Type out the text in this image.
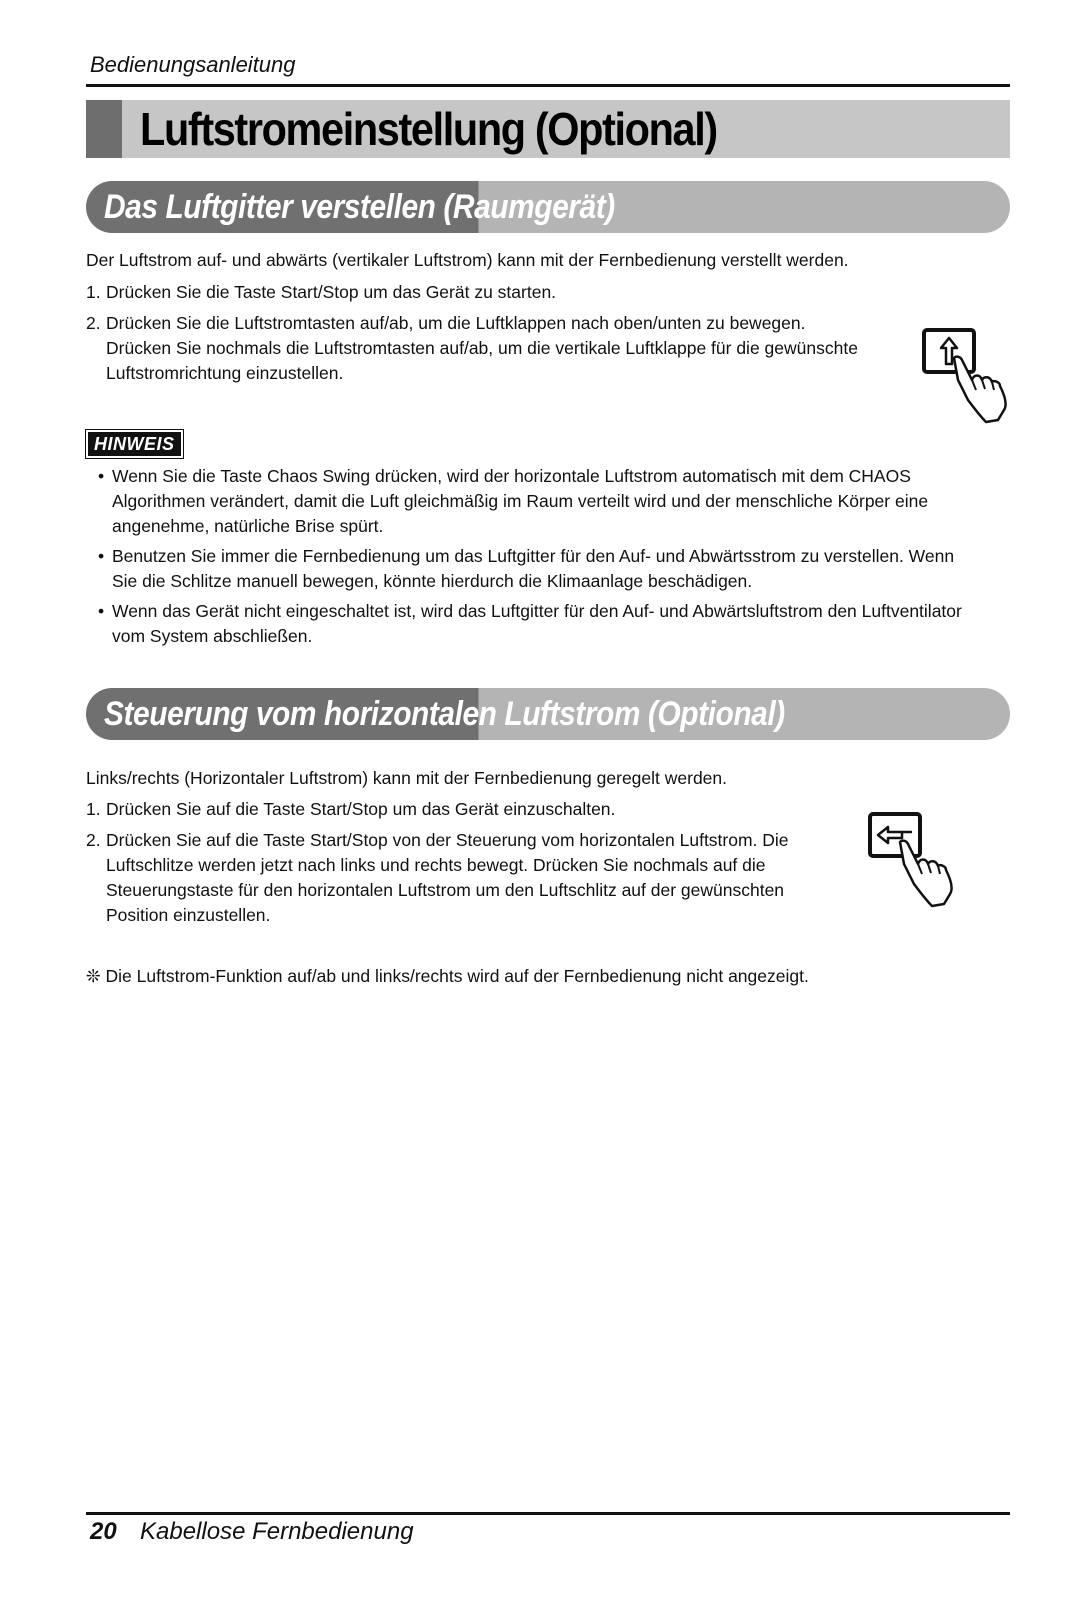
Bedienungsanleitung
Luftstromeinstellung (Optional)
Das Luftgitter verstellen (Raumgerät)

Der Luftstrom auf- und abwärts (vertikaler Luftstrom) kann mit der Fernbedienung verstellt werden.

1. Drücken Sie die Taste Start/Stop um das Gerät zu starten.
2. Drücken Sie die Luftstromtasten auf/ab, um die Luftklappen nach oben/unten zu bewegen.
Drücken Sie nochmals die Luftstromtasten auf/ab, um die vertikale Luftklappe für die gewünschte
Luftstromrichtung einzustellen.
HINWEIS
• Wenn Sie die Taste Chaos Swing drücken, wird der horizontale Luftstrom automatisch mit dem CHAOS
Algorithmen verändert, damit die Luft gleichmäßig im Raum verteilt wird und der menschliche Körper eine
angenehme, natürliche Brise spürt.
• Benutzen Sie immer die Fernbedienung um das Luftgitter für den Auf- und Abwärtsstrom zu verstellen. Wenn
Sie die Schlitze manuell bewegen, könnte hierdurch die Klimaanlage beschädigen.
• Wenn das Gerät nicht eingeschaltet ist, wird das Luftgitter für den Auf- und Abwärtsluftstrom den Luftventilator
vom System abschließen.
Steuerung vom horizontalen Luftstrom (Optional)

Links/rechts (Horizontaler Luftstrom) kann mit der Fernbedienung geregelt werden.

1. Drücken Sie auf die Taste Start/Stop um das Gerät einzuschalten.
2. Drücken Sie auf die Taste Start/Stop von der Steuerung vom horizontalen Luftstrom. Die
Luftschlitze werden jetzt nach links und rechts bewegt. Drücken Sie nochmals auf die
Steuerungstaste für den horizontalen Luftstrom um den Luftschlitz auf der gewünschten
Position einzustellen.

❊ Die Luftstrom-Funktion auf/ab und links/rechts wird auf der Fernbedienung nicht angezeigt.

20 Kabellose Fernbedienung
